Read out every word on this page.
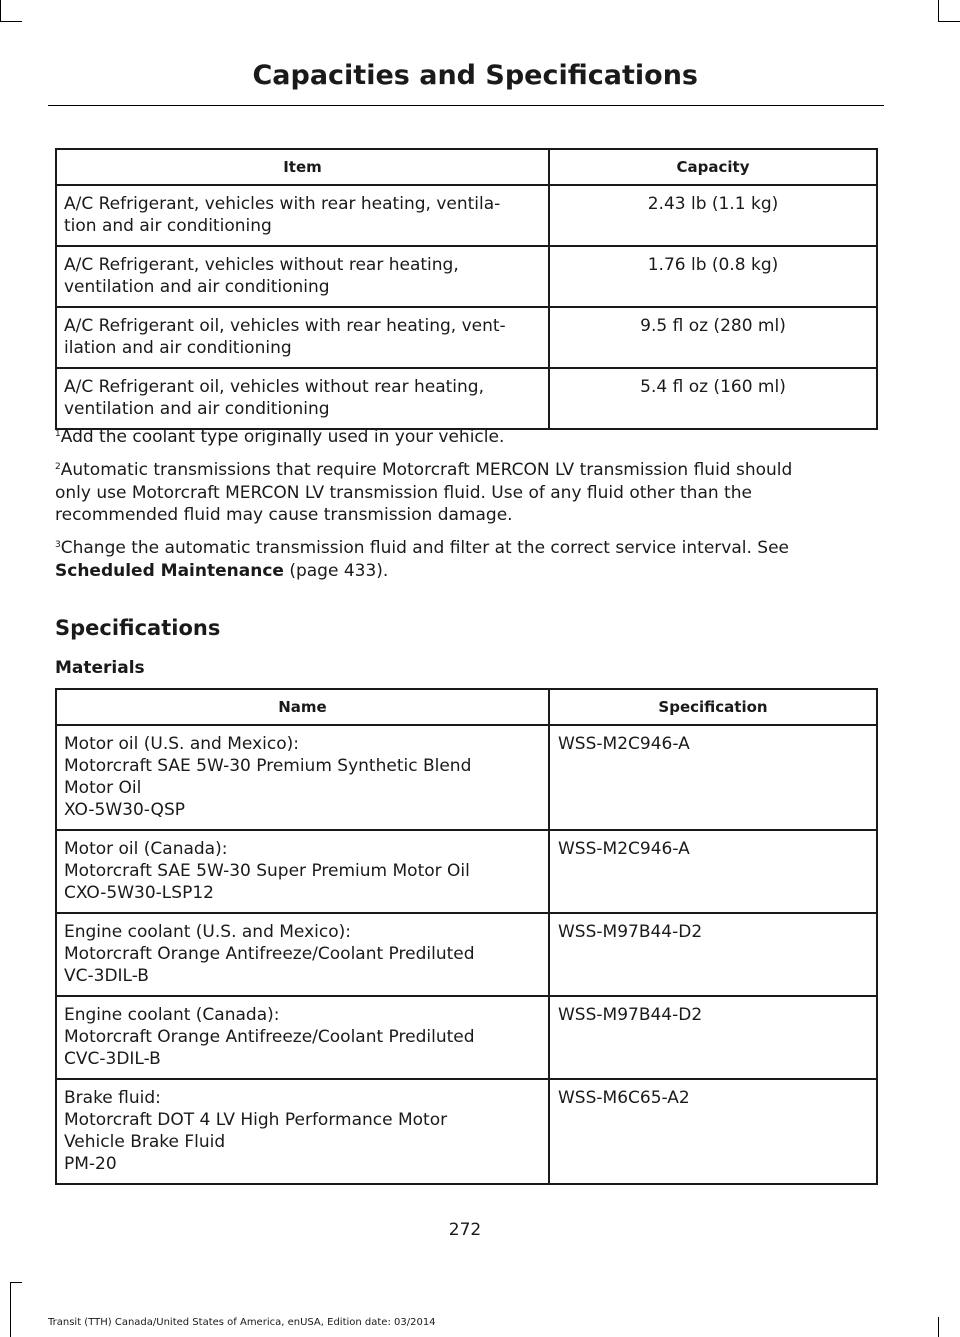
Capacities and Specifications
Item	Capacity

A/C Refrigerant, vehicles with rear heating, ventila-
tion and air conditioning	2.43 lb (1.1 kg)

A/C Refrigerant, vehicles without rear heating,
ventilation and air conditioning	1.76 lb (0.8 kg)

A/C Refrigerant oil, vehicles with rear heating, vent-
ilation and air conditioning	9.5 fl oz (280 ml)

A/C Refrigerant oil, vehicles without rear heating,
ventilation and air conditioning	5.4 fl oz (160 ml)

$^1$Add the coolant type originally used in your vehicle.

$^2$Automatic transmissions that require Motorcraft MERCON LV transmission fluid should
only use Motorcraft MERCON LV transmission fluid. Use of any fluid other than the
recommended fluid may cause transmission damage.

$^3$Change the automatic transmission fluid and filter at the correct service interval. See
Scheduled Maintenance (page 433).

Specifications
Materials
Name	Specification

Motor oil (U.S. and Mexico):
Motorcraft SAE 5W-30 Premium Synthetic Blend
Motor Oil
XO-5W30-QSP	WSS-M2C946-A

Motor oil (Canada):
Motorcraft SAE 5W-30 Super Premium Motor Oil
CXO-5W30-LSP12	WSS-M2C946-A

Engine coolant (U.S. and Mexico):
Motorcraft Orange Antifreeze/Coolant Prediluted
VC-3DIL-B	WSS-M97B44-D2

Engine coolant (Canada):
Motorcraft Orange Antifreeze/Coolant Prediluted
CVC-3DIL-B	WSS-M97B44-D2

Brake fluid:
Motorcraft DOT 4 LV High Performance Motor
Vehicle Brake Fluid
PM-20	WSS-M6C65-A2
272
Transit (TTH) Canada/United States of America, enUSA, Edition date: 03/2014
